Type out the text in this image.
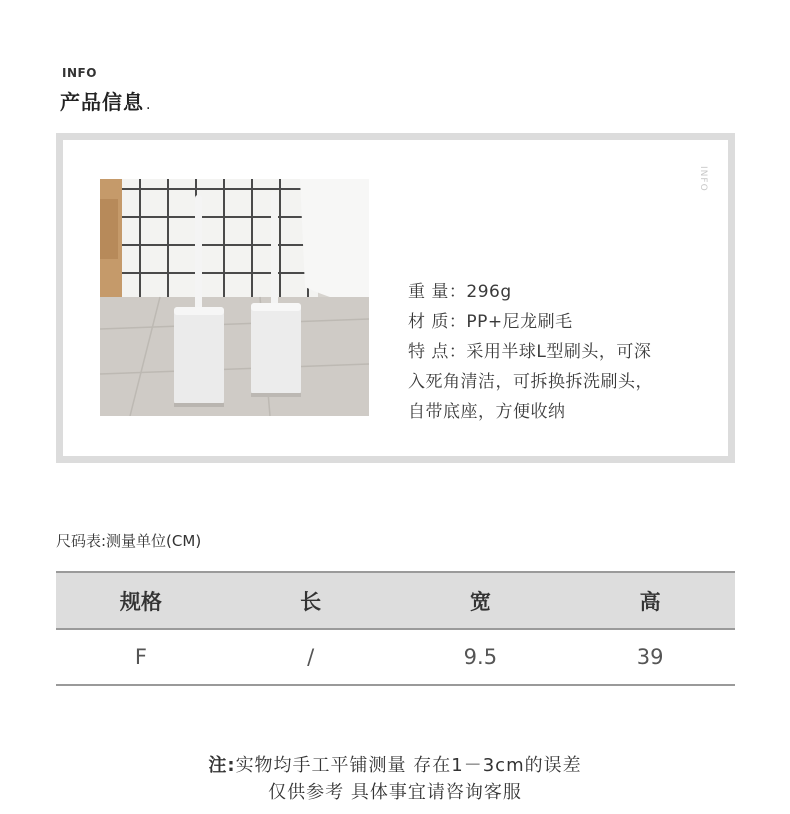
INFO
产品信息 .
INFO
重 量：296g
材 质：PP+尼龙刷毛
特 点：采用半球L型刷头，可深
入死角清洁，可拆换拆洗刷头，
自带底座，方便收纳
尺码表:测量单位(CM)
规格	长	宽	高
F	/	9.5	39
注:实物均手工平铺测量 存在1－3cm的误差
仅供参考 具体事宜请咨询客服
